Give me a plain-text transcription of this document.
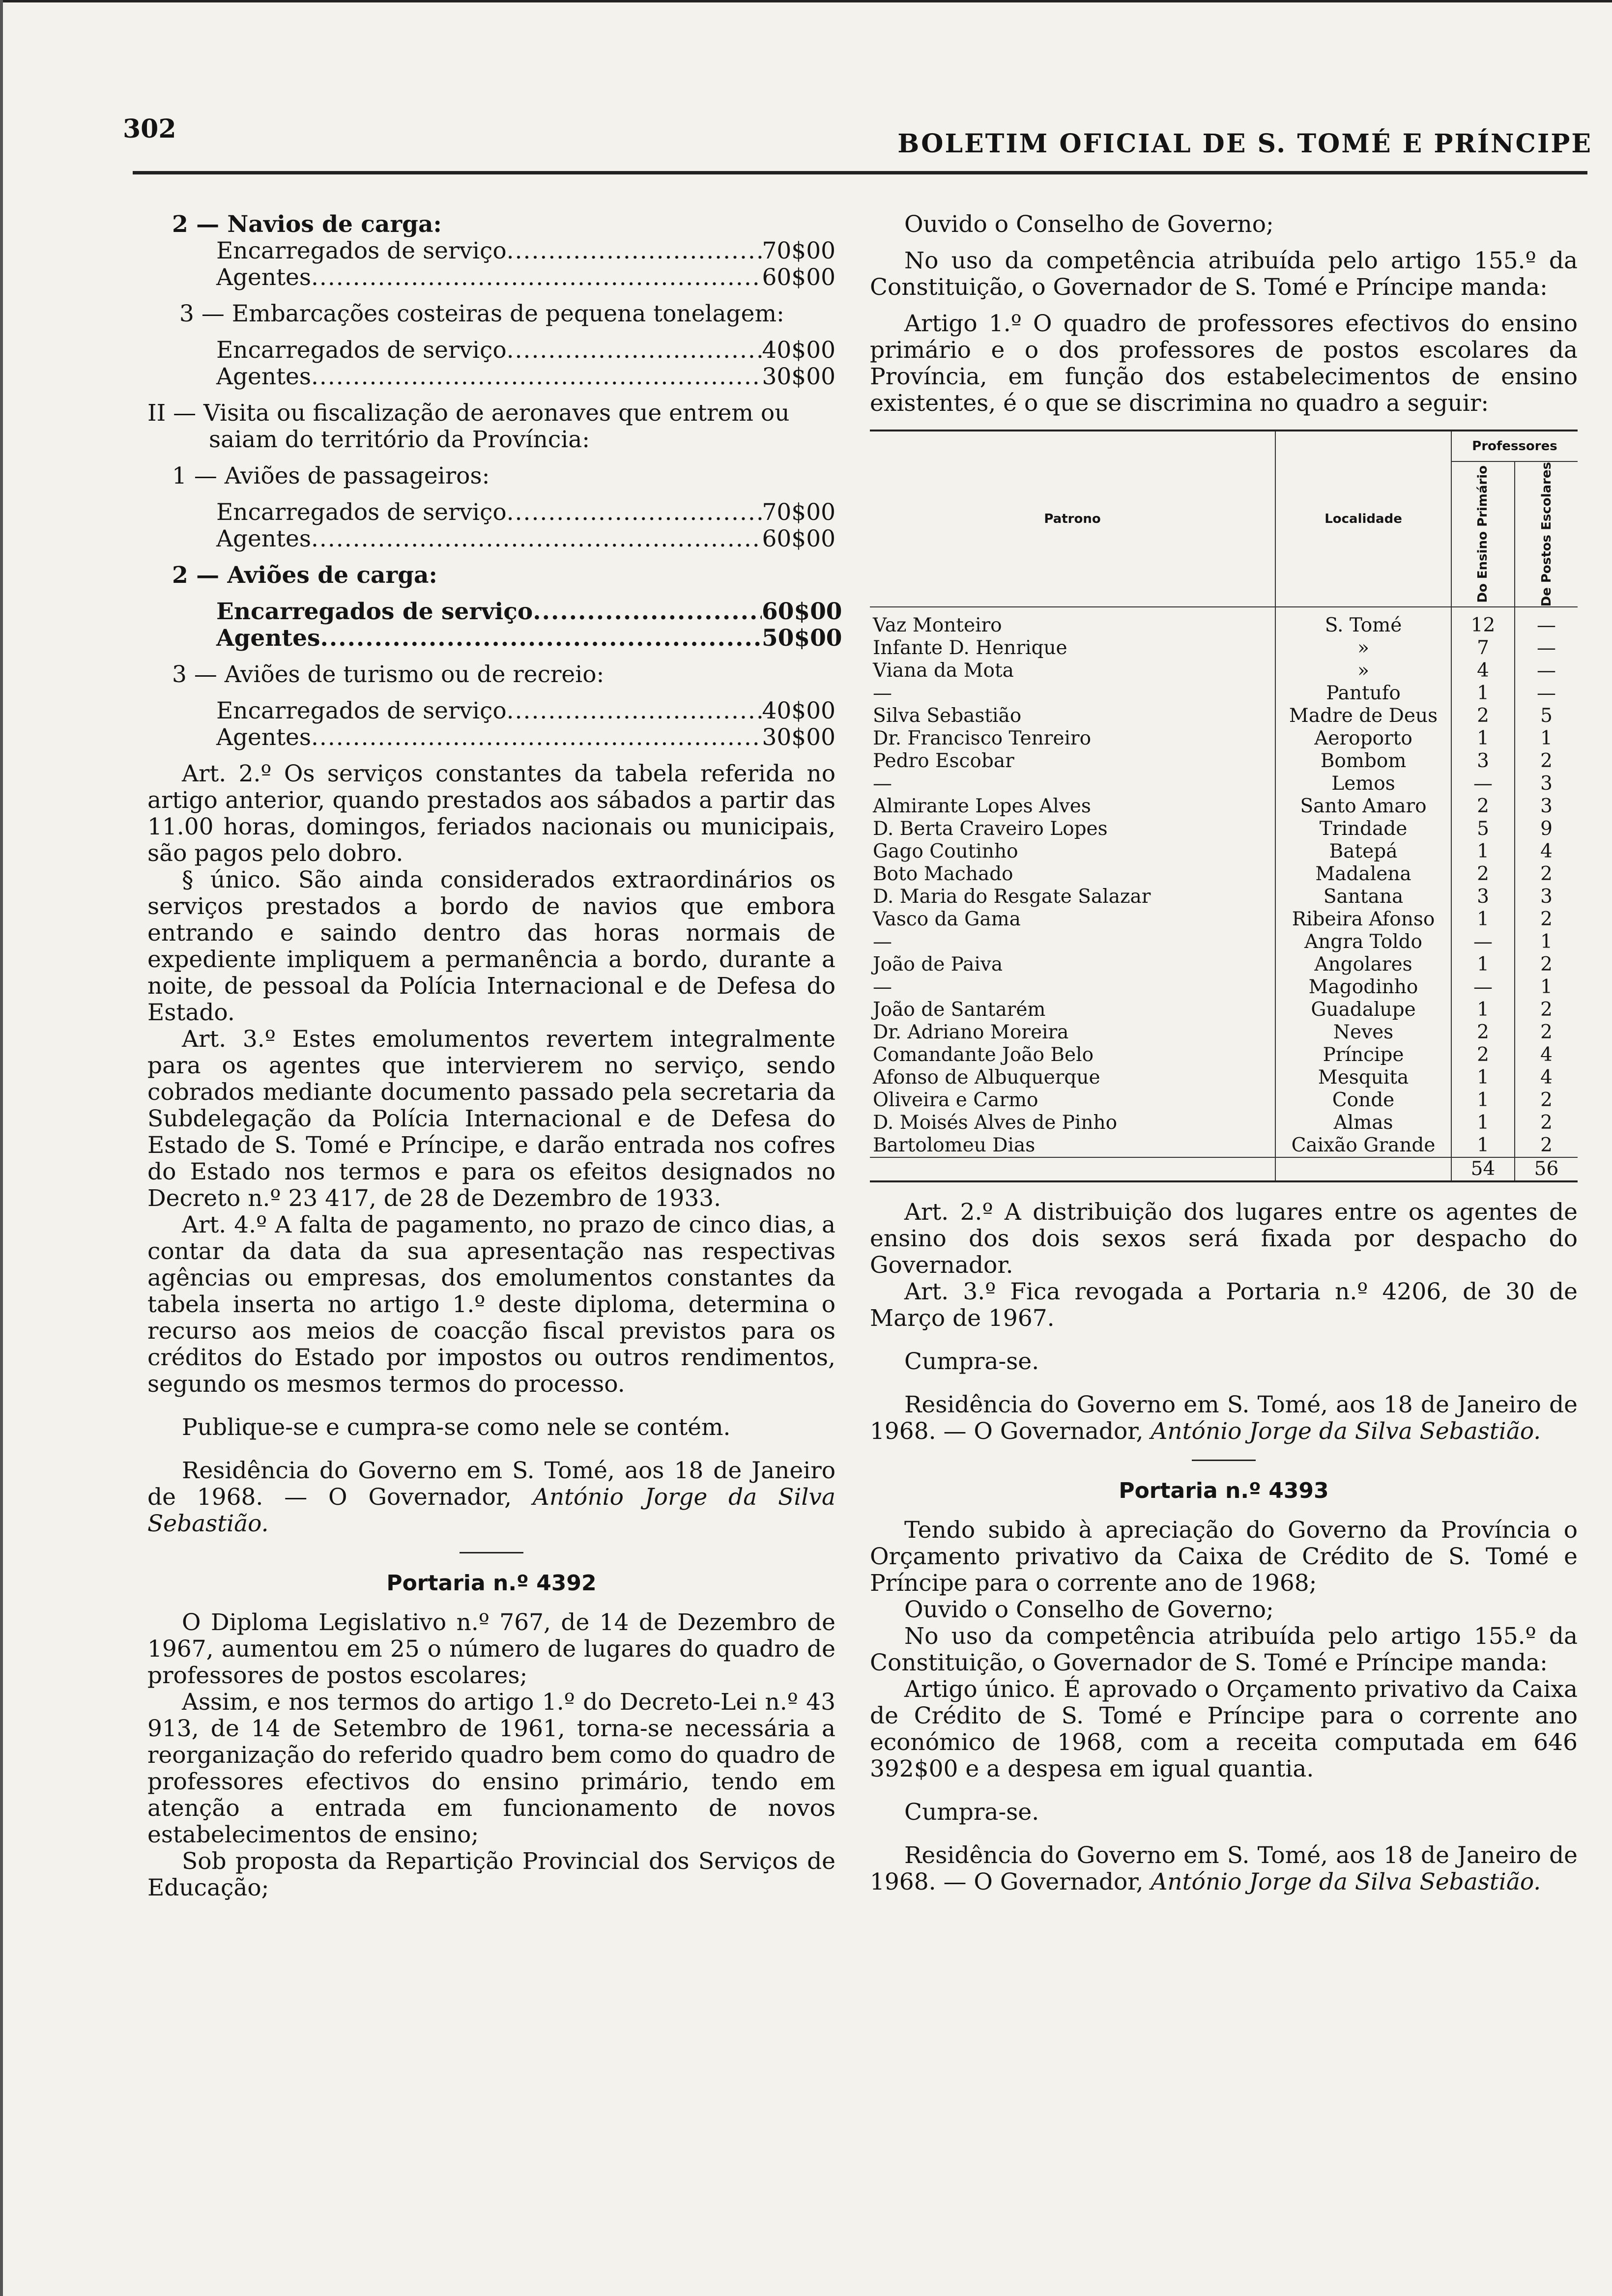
302	BOLETIM OFICIAL DE S. TOMÉ E PRÍNCIPE

2 — Navios de carga:

Encarregados de serviço .....	70$00
Agentes .....	60$00

3 — Embarcações costeiras de pequena tonelagem:

Encarregados de serviço .....	40$00
Agentes .....	30$00

II — Visita ou fiscalização de aeronaves que entrem ou saiam do território da Província:

1 — Aviões de passageiros:

Encarregados de serviço .....	70$00
Agentes .....	60$00

2 — Aviões de carga:

Encarregados de serviço .....	60$00
Agentes .....	50$00

3 — Aviões de turismo ou de recreio:

Encarregados de serviço .....	40$00
Agentes .....	30$00

Art. 2.º Os serviços constantes da tabela referida no artigo anterior, quando prestados aos sábados a partir das 11.00 horas, domingos, feriados nacionais ou municipais, são pagos pelo dobro.

§ único. São ainda considerados extraordinários os serviços prestados a bordo de navios que embora entrando e saindo dentro das horas normais de expediente impliquem a permanência a bordo, durante a noite, de pessoal da Polícia Internacional e de Defesa do Estado.

Art. 3.º Estes emolumentos revertem integralmente para os agentes que intervierem no serviço, sendo cobrados mediante documento passado pela secretaria da Subdelegação da Polícia Internacional e de Defesa do Estado de S. Tomé e Príncipe, e darão entrada nos cofres do Estado nos termos e para os efeitos designados no Decreto n.º 23 417, de 28 de Dezembro de 1933.

Art. 4.º A falta de pagamento, no prazo de cinco dias, a contar da data da sua apresentação nas respectivas agências ou empresas, dos emolumentos constantes da tabela inserta no artigo 1.º deste diploma, determina o recurso aos meios de coacção fiscal previstos para os créditos do Estado por impostos ou outros rendimentos, segundo os mesmos termos do processo.

Publique-se e cumpra-se como nele se contém.

Residência do Governo em S. Tomé, aos 18 de Janeiro de 1968. — O Governador, António Jorge da Silva Sebastião.

Portaria n.º 4392

O Diploma Legislativo n.º 767, de 14 de Dezembro de 1967, aumentou em 25 o número de lugares do quadro de professores de postos escolares;

Assim, e nos termos do artigo 1.º do Decreto-Lei n.º 43 913, de 14 de Setembro de 1961, torna-se necessária a reorganização do referido quadro bem como do quadro de professores efectivos do ensino primário, tendo em atenção a entrada em funcionamento de novos estabelecimentos de ensino;

Sob proposta da Repartição Provincial dos Serviços de Educação;

Ouvido o Conselho de Governo;

No uso da competência atribuída pelo artigo 155.º da Constituição, o Governador de S. Tomé e Príncipe manda:

Artigo 1.º O quadro de professores efectivos do ensino primário e o dos professores de postos escolares da Província, em função dos estabelecimentos de ensino existentes, é o que se discrimina no quadro a seguir:

Patrono	Localidade	Professores	

		Do Ensino Primário	De Postos Escolares

Vaz Monteiro	S. Tomé	12	—
Infante D. Henrique	»	7	—
Viana da Mota	»	4	—
—	Pantufo	1	—
Silva Sebastião	Madre de Deus	2	5
Dr. Francisco Tenreiro	Aeroporto	1	1
Pedro Escobar	Bombom	3	2
—	Lemos	—	3
Almirante Lopes Alves	Santo Amaro	2	3
D. Berta Craveiro Lopes	Trindade	5	9
Gago Coutinho	Batepá	1	4
Boto Machado	Madalena	2	2
D. Maria do Resgate Salazar	Santana	3	3
Vasco da Gama	Ribeira Afonso	1	2
—	Angra Toldo	—	1
João de Paiva	Angolares	1	2
—	Magodinho	—	1
João de Santarém	Guadalupe	1	2
Dr. Adriano Moreira	Neves	2	2
Comandante João Belo	Príncipe	2	4
Afonso de Albuquerque	Mesquita	1	4
Oliveira e Carmo	Conde	1	2
D. Moisés Alves de Pinho	Almas	1	2
Bartolomeu Dias	Caixão Grande	1	2
		54	56

Art. 2.º A distribuição dos lugares entre os agentes de ensino dos dois sexos será fixada por despacho do Governador.

Art. 3.º Fica revogada a Portaria n.º 4206, de 30 de Março de 1967.

Cumpra-se.

Residência do Governo em S. Tomé, aos 18 de Janeiro de 1968. — O Governador, António Jorge da Silva Sebastião.

Portaria n.º 4393

Tendo subido à apreciação do Governo da Província o Orçamento privativo da Caixa de Crédito de S. Tomé e Príncipe para o corrente ano de 1968;

Ouvido o Conselho de Governo;

No uso da competência atribuída pelo artigo 155.º da Constituição, o Governador de S. Tomé e Príncipe manda:

Artigo único. É aprovado o Orçamento privativo da Caixa de Crédito de S. Tomé e Príncipe para o corrente ano económico de 1968, com a receita computada em 646 392$00 e a despesa em igual quantia.

Cumpra-se.

Residência do Governo em S. Tomé, aos 18 de Janeiro de 1968. — O Governador, António Jorge da Silva Sebastião.
